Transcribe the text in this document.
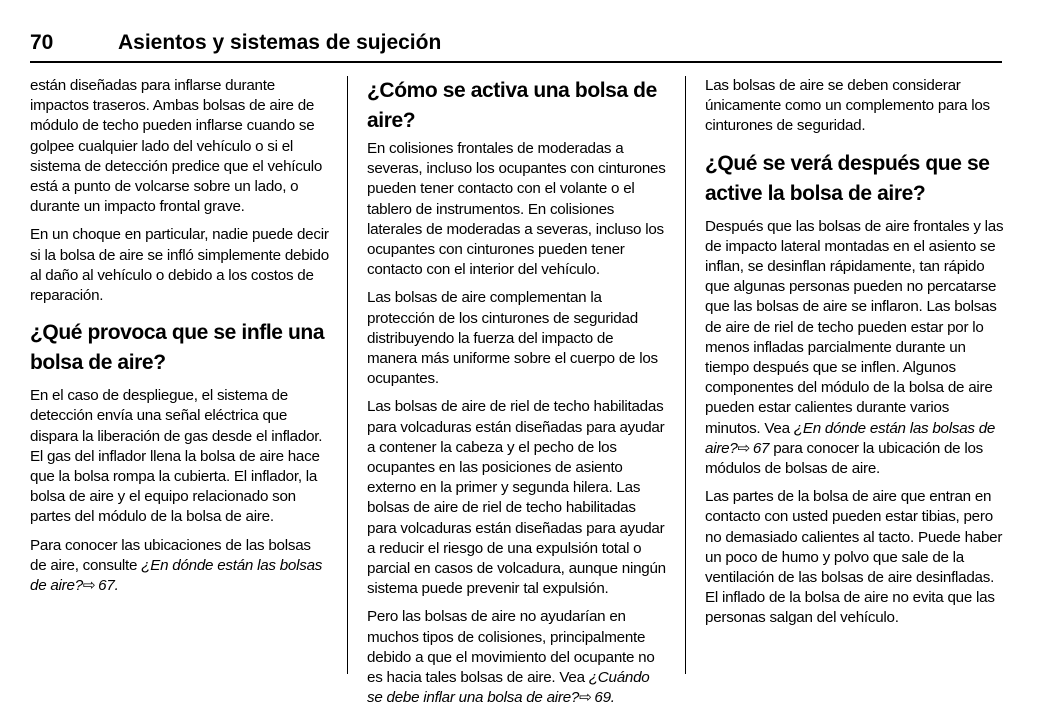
70	Asientos y sistemas de sujeción

están diseñadas para inflarse durante impactos traseros. Ambas bolsas de aire de módulo de techo pueden inflarse cuando se golpee cualquier lado del vehículo o si el sistema de detección predice que el vehículo está a punto de volcarse sobre un lado, o durante un impacto frontal grave.

En un choque en particular, nadie puede decir si la bolsa de aire se infló simplemente debido al daño al vehículo o debido a los costos de reparación.

¿Qué provoca que se infle una bolsa de aire?

En el caso de despliegue, el sistema de detección envía una señal eléctrica que dispara la liberación de gas desde el inflador. El gas del inflador llena la bolsa de aire hace que la bolsa rompa la cubierta. El inflador, la bolsa de aire y el equipo relacionado son partes del módulo de la bolsa de aire.

Para conocer las ubicaciones de las bolsas de aire, consulte ¿En dónde están las bolsas de aire?⇨  67.

¿Cómo se activa una bolsa de aire?

En colisiones frontales de moderadas a severas, incluso los ocupantes con cinturones pueden tener contacto con el volante o el tablero de instrumentos. En colisiones laterales de moderadas a severas, incluso los ocupantes con cinturones pueden tener contacto con el interior del vehículo.

Las bolsas de aire complementan la protección de los cinturones de seguridad distribuyendo la fuerza del impacto de manera más uniforme sobre el cuerpo de los ocupantes.

Las bolsas de aire de riel de techo habilitadas para volcaduras están diseñadas para ayudar a contener la cabeza y el pecho de los ocupantes en las posiciones de asiento externo en la primer y segunda hilera. Las bolsas de aire de riel de techo habilitadas para volcaduras están diseñadas para ayudar a reducir el riesgo de una expulsión total o parcial en casos de volcadura, aunque ningún sistema puede prevenir tal expulsión.

Pero las bolsas de aire no ayudarían en muchos tipos de colisiones, principalmente debido a que el movimiento del ocupante no es hacia tales bolsas de aire. Vea ¿Cuándo se debe inflar una bolsa de aire?⇨  69.

Las bolsas de aire se deben considerar únicamente como un complemento para los cinturones de seguridad.

¿Qué se verá después que se active la bolsa de aire?

Después que las bolsas de aire frontales y las de impacto lateral montadas en el asiento se inflan, se desinflan rápidamente, tan rápido que algunas personas pueden no percatarse que las bolsas de aire se inflaron. Las bolsas de aire de riel de techo pueden estar por lo menos infladas parcialmente durante un tiempo después que se inflen. Algunos componentes del módulo de la bolsa de aire pueden estar calientes durante varios minutos. Vea ¿En dónde están las bolsas de aire?⇨  67 para conocer la ubicación de los módulos de bolsas de aire.

Las partes de la bolsa de aire que entran en contacto con usted pueden estar tibias, pero no demasiado calientes al tacto. Puede haber un poco de humo y polvo que sale de la ventilación de las bolsas de aire desinfladas. El inflado de la bolsa de aire no evita que las personas salgan del vehículo.
